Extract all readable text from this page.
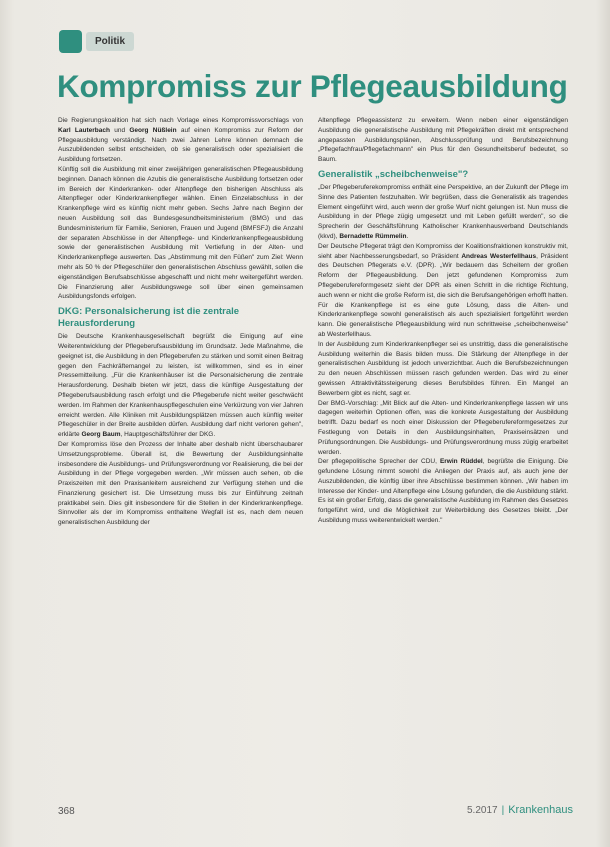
Politik
Kompromiss zur Pflegeausbildung

Die Regierungskoalition hat sich nach Vorlage eines Kompromissvorschlags von Karl Lauterbach und Georg Nüßlein auf einen Kompromiss zur Reform der Pflegeausbildung verständigt. Nach zwei Jahren Lehre können demnach die Auszubildenden selbst entscheiden, ob sie generalistisch oder spezialisiert die Ausbildung fortsetzen.

Künftig soll die Ausbildung mit einer zweijährigen generalistischen Pflegeausbildung beginnen. Danach können die Azubis die generalistische Ausbildung fortsetzen oder im Bereich der Kinderkranken- oder Altenpflege den bisherigen Abschluss als Altenpfleger oder Kinderkrankenpfleger wählen. Einen Einzelabschluss in der Krankenpflege wird es künftig nicht mehr geben. Sechs Jahre nach Beginn der neuen Ausbildung soll das Bundesgesundheitsministerium (BMG) und das Bundesministerium für Familie, Senioren, Frauen und Jugend (BMFSFJ) die Anzahl der separaten Abschlüsse in der Altenpflege- und Kinderkrankenpflegeausbildung sowie der generalistischen Ausbildung mit Vertiefung in der Alten- und Kinderkrankenpflege auswerten. Das „Abstimmung mit den Füßen" zum Ziel: Wenn mehr als 50 % der Pflegeschüler den generalistischen Abschluss gewählt, sollen die eigenständigen Berufsabschlüsse abgeschafft und nicht mehr weitergeführt werden. Die Finanzierung aller Ausbildungswege soll über einen gemeinsamen Ausbildungsfonds erfolgen.

DKG: Personalsicherung ist die zentrale Herausforderung

Die Deutsche Krankenhausgesellschaft begrüßt die Einigung auf eine Weiterentwicklung der Pflegeberufsausbildung im Grundsatz. Jede Maßnahme, die geeignet ist, die Ausbildung in den Pflegeberufen zu stärken und somit einen Beitrag gegen den Fachkräftemangel zu leisten, ist willkommen, sind es in einer Pressemitteilung. „Für die Krankenhäuser ist die Personalsicherung die zentrale Herausforderung. Deshalb bieten wir jetzt, dass die künftige Ausgestaltung der Pflegeberufsausbildung rasch erfolgt und die Pflegeberufe nicht weiter geschwächt werden. Im Rahmen der Krankenhauspflegeschulen eine Verkürzung von vier Jahren erreicht werden. Alle Kliniken mit Ausbildungsplätzen müssen auch künftig weiter Pflegeschüler in der Breite ausbilden dürfen. Ausbildung darf nicht verloren gehen", erklärte Georg Baum, Hauptgeschäftsführer der DKG.

Der Kompromiss löse den Prozess der Inhalte aber deshalb nicht überschaubarer Umsetzungsprobleme. Überall ist, die Bewertung der Ausbildungsinhalte insbesondere die Ausbildungs- und Prüfungsverordnung vor Realisierung, die bei der Ausbildung in der Pflege vorgegeben werden. „Wir müssen auch sehen, ob die Praxiszeiten mit den Praxisanleitern ausreichend zur Verfügung stehen und die Finanzierung gesichert ist. Die Umsetzung muss bis zur Einführung zeitnah praktikabel sein. Dies gilt insbesondere für die Stellen in der Kinderkrankenpflege. Sinnvoller als der im Kompromiss enthaltene Wegfall ist es, nach dem neuen generalistischen Ausbildung der

Altenpflege Pflegeassistenz zu erweitern. Wenn neben einer eigenständigen Ausbildung die generalistische Ausbildung mit Pflegekräften direkt mit entsprechend angepassten Ausbildungsplänen, Abschlussprüfung und Berufsbezeichnung „Pflegefachfrau/Pflegefachmann" ein Plus für den Gesundheitsberuf bedeutet, so Baum.

Generalistik „scheibchenweise"?

„Der Pflegeberuferekompromiss enthält eine Perspektive, an der Zukunft der Pflege im Sinne des Patienten festzuhalten. Wir begrüßen, dass die Generalistik als tragendes Element eingeführt wird, auch wenn der große Wurf nicht gelungen ist. Nun muss die Ausbildung in der Pflege zügig umgesetzt und mit Leben gefüllt werden", so die Sprecherin der Geschäftsführung Katholischer Krankenhausverband Deutschlands (kkvd), Bernadette Rümmelin.

Der Deutsche Pflegerat trägt den Kompromiss der Koalitionsfraktionen konstruktiv mit, sieht aber Nachbesserungsbedarf, so Präsident Andreas Westerfellhaus, Präsident des Deutschen Pflegerats e.V. (DPR). „Wir bedauern das Scheitern der großen Reform der Pflegeausbildung. Den jetzt gefundenen Kompromiss zum Pflegeberufereformgesetz sieht der DPR als einen Schritt in die richtige Richtung, auch wenn er nicht die große Reform ist, die sich die Berufsangehörigen erhofft hatten. Für die Krankenpflege ist es eine gute Lösung, dass die Alten- und Kinderkrankenpflege sowohl generalistisch als auch spezialisiert fortgeführt werden kann. Die generalistische Pflegeausbildung wird nun schrittweise „scheibchenweise" ab Westerfellhaus.

In der Ausbildung zum Kinderkrankenpfleger sei es unstrittig, dass die generalistische Ausbildung weiterhin die Basis bilden muss. Die Stärkung der Altenpflege in der generalistischen Ausbildung ist jedoch unverzichtbar. Auch die Berufsbezeichnungen zu den neuen Abschlüssen müssen rasch gefunden werden. Das wird zu einer gewissen Attraktivitätssteigerung dieses Berufsbildes führen. Ein Mangel an Bewerbern gibt es nicht, sagt er.

Der BMG-Vorschlag: „Mit Blick auf die Alten- und Kinderkrankenpflege lassen wir uns dagegen weiterhin Optionen offen, was die konkrete Ausgestaltung der Ausbildung betrifft. Dazu bedarf es noch einer Diskussion der Pflegeberufereformgesetzes zur Festlegung von Details in den Ausbildungsinhalten, Praxiseinsätzen und Prüfungsordnungen. Die Ausbildungs- und Prüfungsverordnung muss zügig erarbeitet werden.

Der pflegepolitische Sprecher der CDU, Erwin Rüddel, begrüßte die Einigung. Die gefundene Lösung nimmt sowohl die Anliegen der Praxis auf, als auch jene der Auszubildenden, die künftig über ihre Abschlüsse bestimmen können. „Wir haben im Interesse der Kinder- und Altenpflege eine Lösung gefunden, die die Ausbildung stärkt. Es ist ein großer Erfolg, dass die generalistische Ausbildung im Rahmen des Gesetzes fortgeführt wird, und die Möglichkeit zur Weiterbildung des Gesetzes bleibt. „Der Ausbildung muss weiterentwickelt werden."

368	5.2017 | Krankenhaus
